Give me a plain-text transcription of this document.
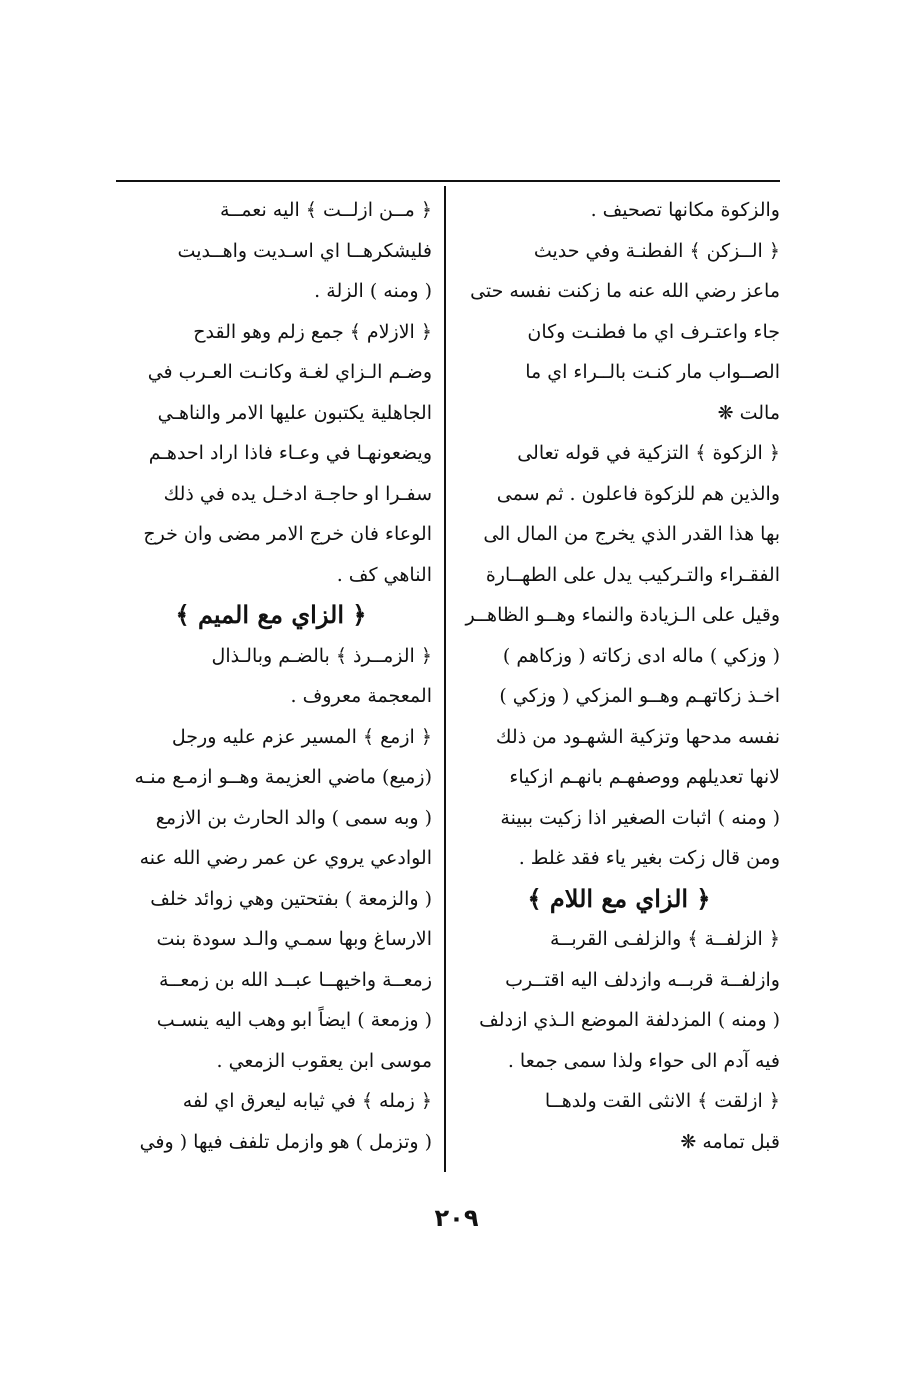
والزكوة مكانها تصحيف .
﴿ الــزكن ﴾ الفطنـة وفي حديث
ماعز رضي الله عنه ما زكنت نفسه حتى
جاء واعتـرف اي ما فطنـت وكان
الصــواب مار كنـت بالــراء اي ما
مالت ❋
﴿ الزكوة ﴾ التزكية في قوله تعالى
والذين هم للزكوة فاعلون . ثم سمى
بها هذا القدر الذي يخرج من المال الى
الفقـراء والتـركيب يدل على الطهــارة
وقيل على الـزيادة والنماء وهــو الظاهــر
( وزكي ) ماله ادى زكاته ( وزكاهم )
اخـذ زكاتهـم وهــو المزكي ( وزكي )
نفسه مدحها وتزكية الشهـود من ذلك
لانها تعديلهم ووصفهـم بانهـم ازكياء
( ومنه ) اثبات الصغير اذا زكيت ببينة
ومن قال زكت بغير ياء فقد غلط .
﴿ الزاي مع اللام ﴾
﴿ الزلفــة ﴾ والزلفـى القربــة
وازلفــة قربــه وازدلف اليه اقتــرب
( ومنه ) المزدلفة الموضع الـذي ازدلف
فيه آدم الى حواء ولذا سمى جمعا .
﴿ ازلقت ﴾ الانثى القت ولدهــا
قبل تمامه ❋
﴿ مــن ازلــت ﴾ اليه نعمــة
فليشكرهــا اي اسـديت واهــديت
( ومنه ) الزلة .
﴿ الازلام ﴾ جمع زلم وهو القدح
وضـم الـزاي لغـة وكانـت العـرب في
الجاهلية يكتبون عليها الامر والناهـي
ويضعونهـا في وعـاء فاذا اراد احدهـم
سفـرا او حاجـة ادخـل يده في ذلك
الوعاء فان خرج الامر مضى وان خرج
الناهي كف .
﴿ الزاي مع الميم ﴾
﴿ الزمــرذ ﴾ بالضـم وبالـذال
المعجمة معروف .
﴿ ازمع ﴾ المسير عزم عليه ورجل
(زميع) ماضي العزيمة وهــو ازمـع منـه
( وبه سمى ) والد الحارث بن الازمع
الوادعي يروي عن عمر رضي الله عنه
( والزمعة ) بفتحتين وهي زوائد خلف
الارساغ وبها سمـي والـد سودة بنت
زمعــة واخيهــا عبــد الله بن زمعــة
( وزمعة ) ايضاً ابو وهب اليه ينسـب
موسى ابن يعقوب الزمعي .
﴿ زمله ﴾ في ثيابه ليعرق اي لفه
( وتزمل ) هو وازمل تلفف فيها ( وفي
٢٠٩
